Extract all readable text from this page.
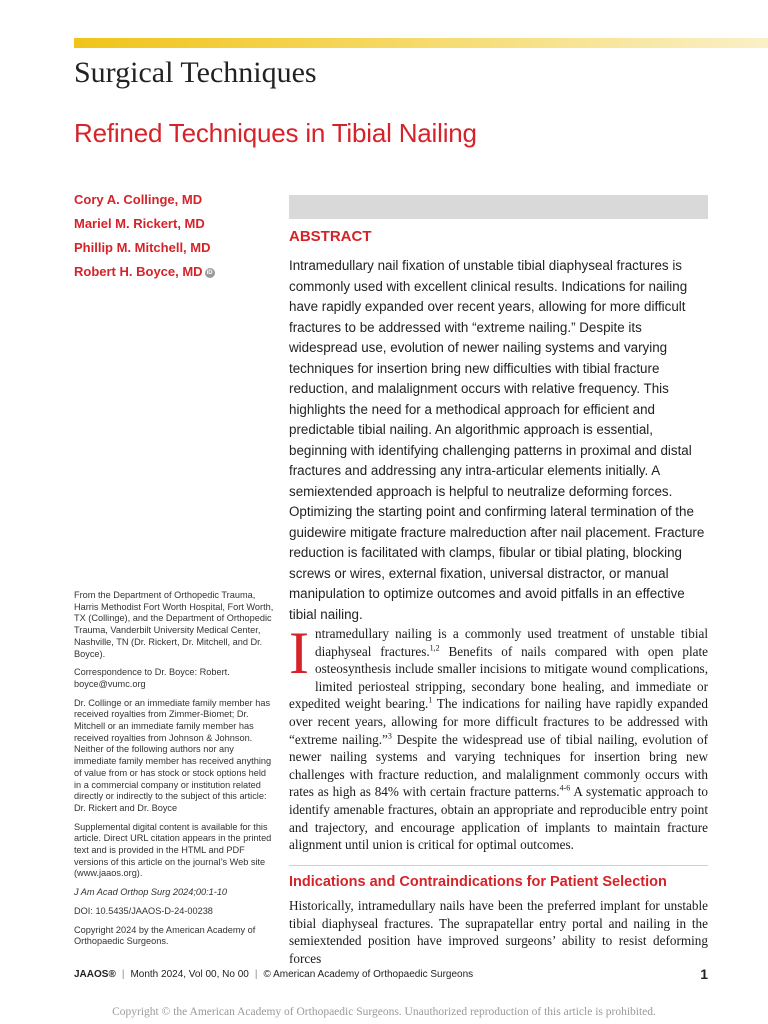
Surgical Techniques
Refined Techniques in Tibial Nailing
Cory A. Collinge, MD
Mariel M. Rickert, MD
Phillip M. Mitchell, MD
Robert H. Boyce, MD iD
ABSTRACT

Intramedullary nail fixation of unstable tibial diaphyseal fractures is commonly used with excellent clinical results. Indications for nailing have rapidly expanded over recent years, allowing for more difficult fractures to be addressed with “extreme nailing.” Despite its widespread use, evolution of newer nailing systems and varying techniques for insertion bring new difficulties with tibial fracture reduction, and malalignment occurs with relative frequency. This highlights the need for a methodical approach for efficient and predictable tibial nailing. An algorithmic approach is essential, beginning with identifying challenging patterns in proximal and distal fractures and addressing any intra-articular elements initially. A semiextended approach is helpful to neutralize deforming forces. Optimizing the starting point and confirming lateral termination of the guidewire mitigate fracture malreduction after nail placement. Fracture reduction is facilitated with clamps, fibular or tibial plating, blocking screws or wires, external fixation, universal distractor, or manual manipulation to optimize outcomes and avoid pitfalls in an effective tibial nailing.

From the Department of Orthopedic Trauma, Harris Methodist Fort Worth Hospital, Fort Worth, TX (Collinge), and the Department of Orthopedic Trauma, Vanderbilt University Medical Center, Nashville, TN (Dr. Rickert, Dr. Mitchell, and Dr. Boyce).

Correspondence to Dr. Boyce: Robert. boyce@vumc.org

Dr. Collinge or an immediate family member has received royalties from Zimmer-Biomet; Dr. Mitchell or an immediate family member has received royalties from Johnson & Johnson. Neither of the following authors nor any immediate family member has received anything of value from or has stock or stock options held in a commercial company or institution related directly or indirectly to the subject of this article: Dr. Rickert and Dr. Boyce

Supplemental digital content is available for this article. Direct URL citation appears in the printed text and is provided in the HTML and PDF versions of this article on the journal’s Web site (www.jaaos.org).

J Am Acad Orthop Surg 2024;00:1-10

DOI: 10.5435/JAAOS-D-24-00238

Copyright 2024 by the American Academy of Orthopaedic Surgeons.

Intramedullary nailing is a commonly used treatment of unstable tibial diaphyseal fractures.$^{1,2}$ Benefits of nails compared with open plate osteosynthesis include smaller incisions to mitigate wound complications, limited periosteal stripping, secondary bone healing, and immediate or expedited weight bearing.$^1$ The indications for nailing have rapidly expanded over recent years, allowing for more difficult fractures to be addressed with “extreme nailing.”$^3$ Despite the widespread use of tibial nailing, evolution of newer nailing systems and varying techniques for insertion bring new challenges with fracture reduction, and malalignment commonly occurs with rates as high as 84% with certain fracture patterns.$^{4-6}$ A systematic approach to identify amenable fractures, obtain an appropriate and reproducible entry point and trajectory, and encourage application of implants to maintain fracture alignment until union is critical for optimal outcomes.

Indications and Contraindications for Patient Selection

Historically, intramedullary nails have been the preferred implant for unstable tibial diaphyseal fractures. The suprapatellar entry portal and nailing in the semiextended position have improved surgeons’ ability to resist deforming forces

JAAOS® | Month 2024, Vol 00, No 00 | © American Academy of Orthopaedic Surgeons	1
Copyright © the American Academy of Orthopaedic Surgeons. Unauthorized reproduction of this article is prohibited.
